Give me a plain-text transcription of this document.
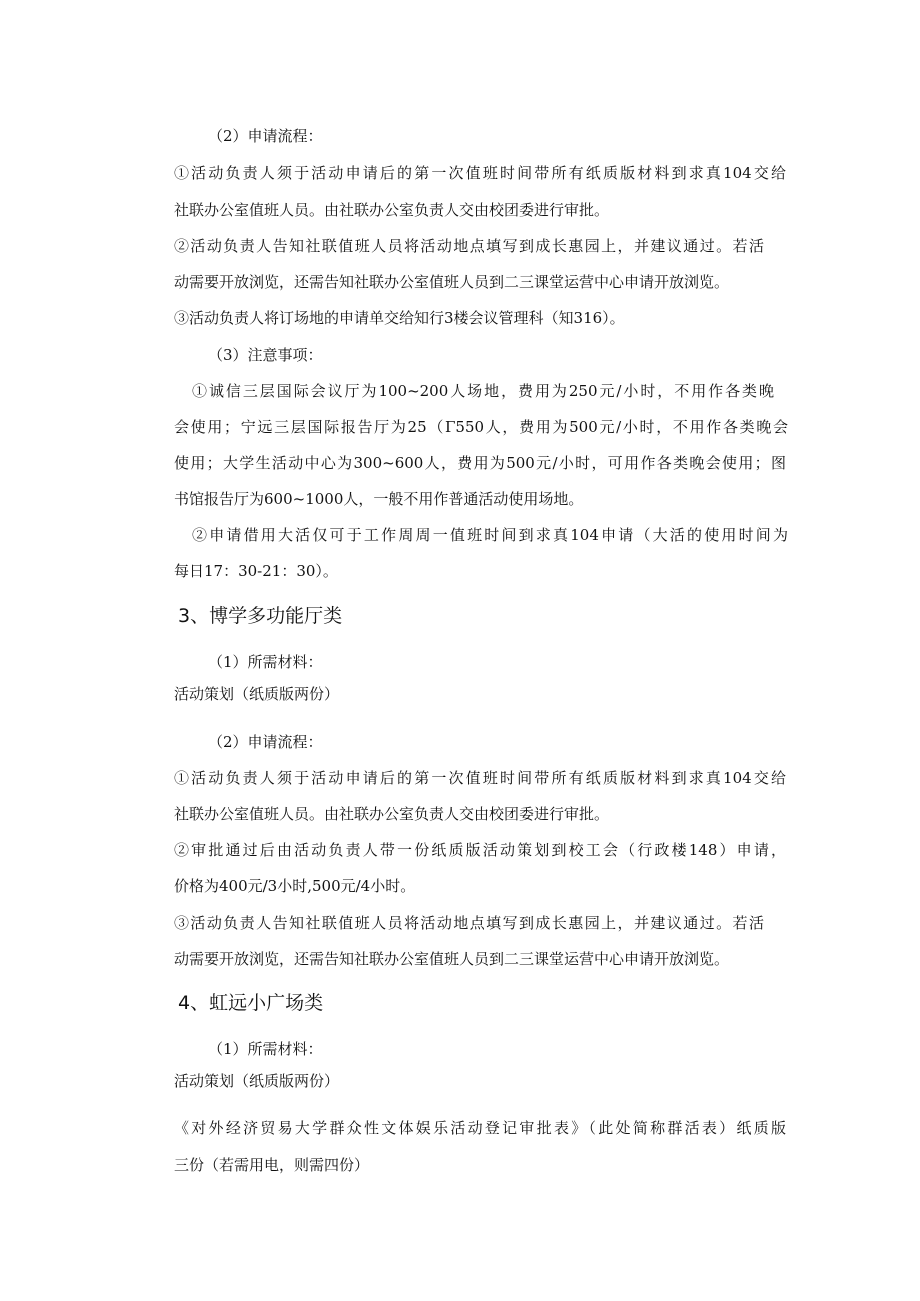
（2）申请流程：

①活动负责人须于活动申请后的第一次值班时间带所有纸质版材料到求真104交给

社联办公室值班人员。由社联办公室负责人交由校团委进行审批。

②活动负责人告知社联值班人员将活动地点填写到成长惠园上，并建议通过。若活

动需要开放浏览，还需告知社联办公室值班人员到二三课堂运营中心申请开放浏览。

③活动负责人将订场地的申请单交给知行3楼会议管理科（知316）。

（3）注意事项：

①诚信三层国际会议厅为100~200人场地，费用为250元/小时，不用作各类晚

会使用；宁远三层国际报告厅为25（Γ550人，费用为500元/小时，不用作各类晚会

使用；大学生活动中心为300~600人，费用为500元/小时，可用作各类晚会使用；图

书馆报告厅为600~1000人，一般不用作普通活动使用场地。

②申请借用大活仅可于工作周周一值班时间到求真104申请（大活的使用时间为

每日17：30-21：30）。

3、博学多功能厅类

（1）所需材料：

活动策划（纸质版两份）

（2）申请流程：

①活动负责人须于活动申请后的第一次值班时间带所有纸质版材料到求真104交给

社联办公室值班人员。由社联办公室负责人交由校团委进行审批。

②审批通过后由活动负责人带一份纸质版活动策划到校工会（行政楼148）申请，

价格为400元/3小时,500元/4小时。

③活动负责人告知社联值班人员将活动地点填写到成长惠园上，并建议通过。若活

动需要开放浏览，还需告知社联办公室值班人员到二三课堂运营中心申请开放浏览。

4、虹远小广场类

（1）所需材料：

活动策划（纸质版两份）

《对外经济贸易大学群众性文体娱乐活动登记审批表》（此处简称群活表）纸质版

三份（若需用电，则需四份）
